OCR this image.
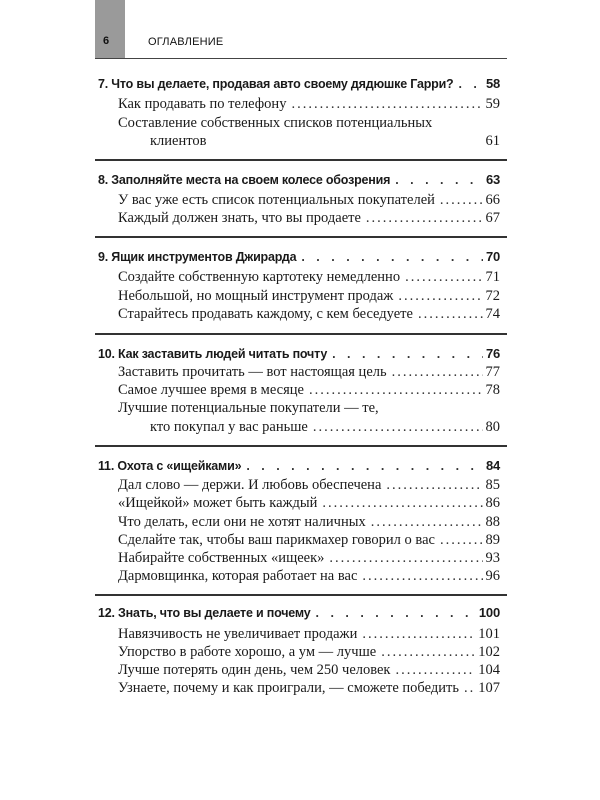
6	ОГЛАВЛЕНИЕ
7. Что вы делаете, продавая авто своему дядюшке Гарри? . . . 58
Как продавать по телефону .....	59
Составление собственных списков потенциальных
клиентов	61
8. Заполняйте места на своем колесе обозрения . . .	63
У вас уже есть список потенциальных покупателей .....	66
Каждый должен знать, что вы продаете .....	67
9. Ящик инструментов Джирарда . . .	70
Создайте собственную картотеку немедленно .....	71
Небольшой, но мощный инструмент продаж .....	72
Старайтесь продавать каждому, с кем беседуете .....	74
10. Как заставить людей читать почту . . .	76
Заставить прочитать — вот настоящая цель .....	77
Самое лучшее время в месяце .....	78
Лучшие потенциальные покупатели — те,
кто покупал у вас раньше .....	80
11. Охота с «ищейками» . . .	84
Дал слово — держи. И любовь обеспечена .....	85
«Ищейкой» может быть каждый .....	86
Что делать, если они не хотят наличных .....	88
Сделайте так, чтобы ваш парикмахер говорил о вас .....	89
Набирайте собственных «ищеек» .....	93
Дармовщинка, которая работает на вас .....	96
12. Знать, что вы делаете и почему . . .	100
Навязчивость не увеличивает продажи .....	101
Упорство в работе хорошо, а ум — лучше .....	102
Лучше потерять один день, чем 250 человек .....	104
Узнаете, почему и как проиграли, — сможете победить ..... 107
